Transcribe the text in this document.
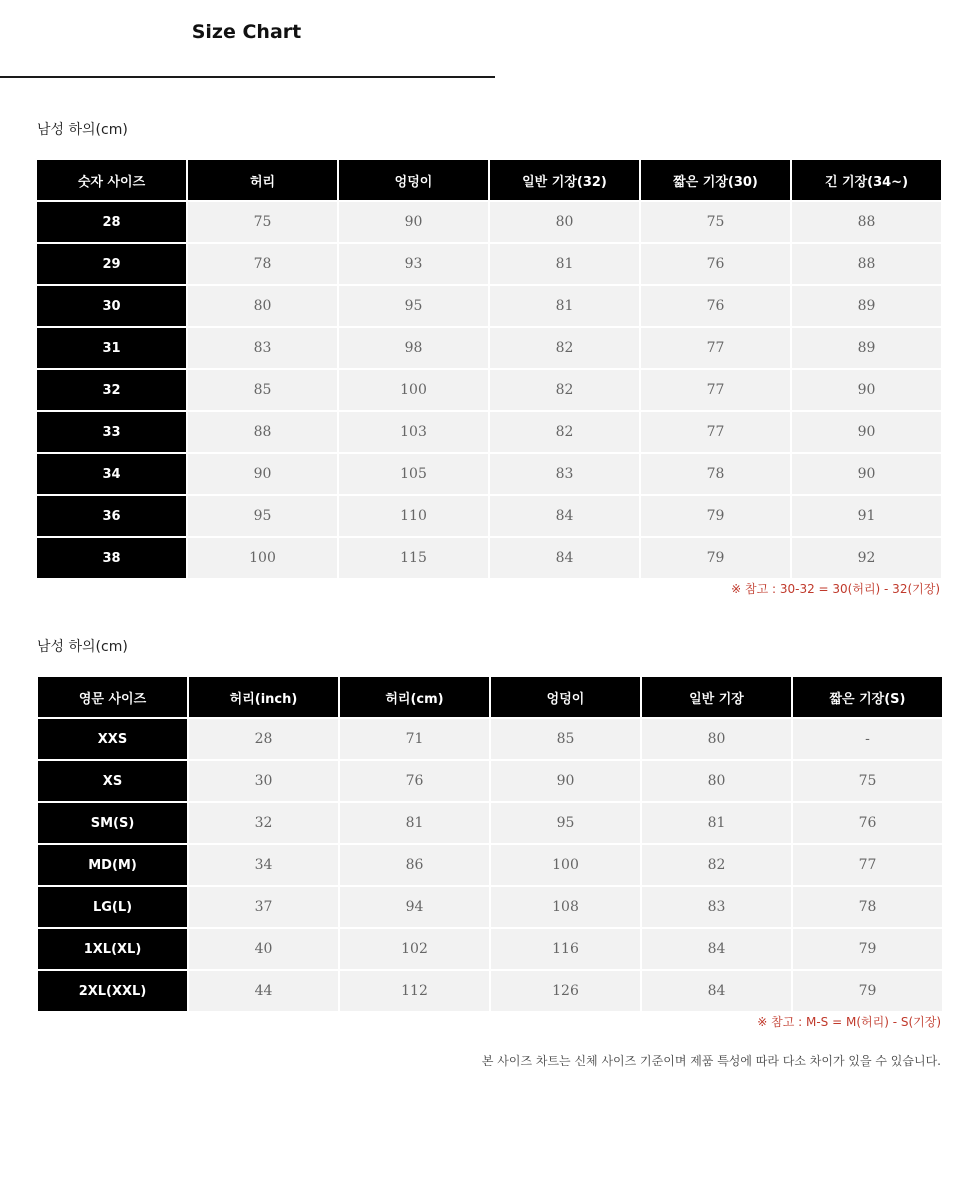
Size Chart
남성 하의(cm)
숫자 사이즈	허리	엉덩이	일반 기장(32)	짧은 기장(30)	긴 기장(34~)
28	75	90	80	75	88
29	78	93	81	76	88
30	80	95	81	76	89
31	83	98	82	77	89
32	85	100	82	77	90
33	88	103	82	77	90
34	90	105	83	78	90
36	95	110	84	79	91
38	100	115	84	79	92
※ 참고 : 30-32 = 30(허리) - 32(기장)
남성 하의(cm)
영문 사이즈	허리(inch)	허리(cm)	엉덩이	일반 기장	짧은 기장(S)
XXS	28	71	85	80	-
XS	30	76	90	80	75
SM(S)	32	81	95	81	76
MD(M)	34	86	100	82	77
LG(L)	37	94	108	83	78
1XL(XL)	40	102	116	84	79
2XL(XXL)	44	112	126	84	79
※ 참고 : M-S = M(허리) - S(기장)
본 사이즈 차트는 신체 사이즈 기준이며 제품 특성에 따라 다소 차이가 있을 수 있습니다.
